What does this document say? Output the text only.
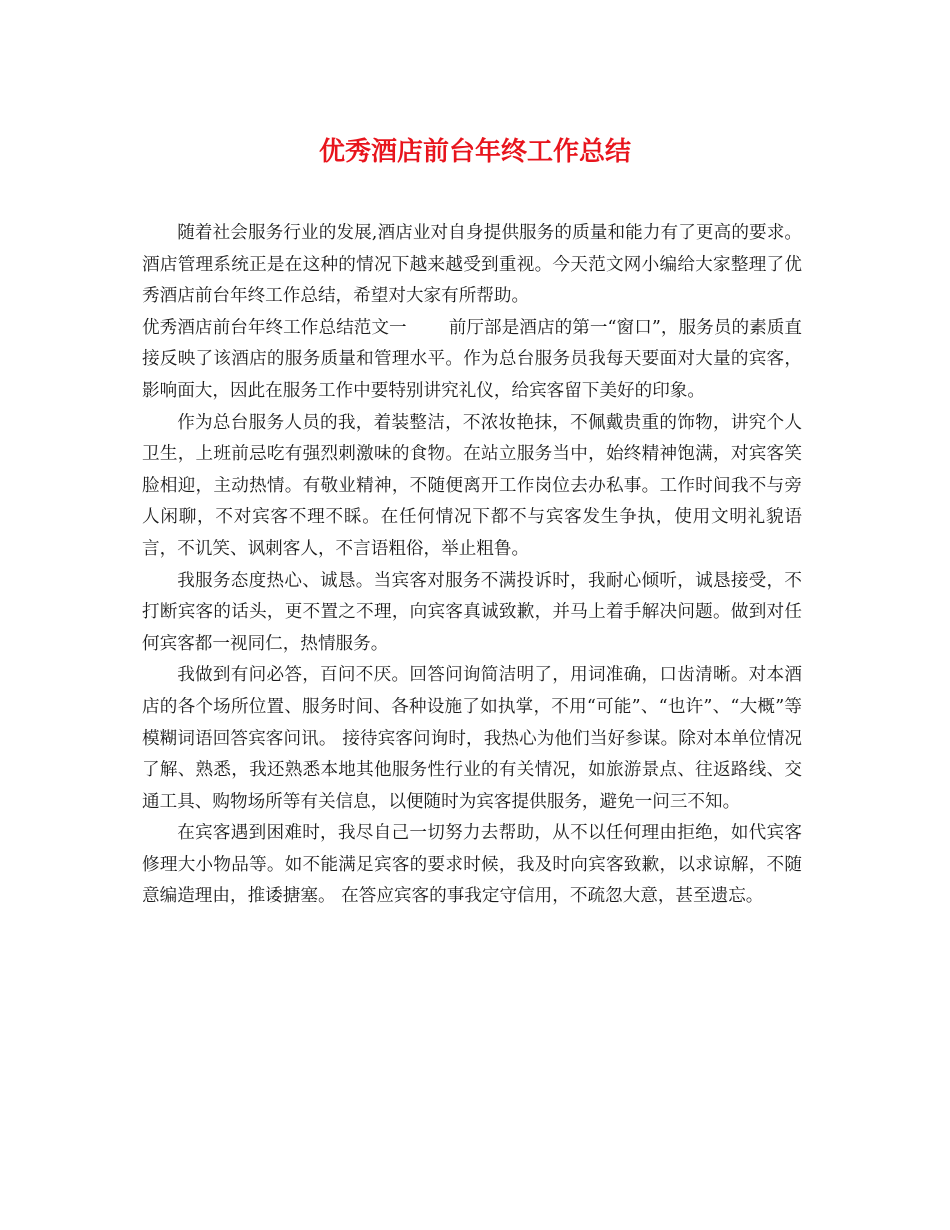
优秀酒店前台年终工作总结

随着社会服务行业的发展,酒店业对自身提供服务的质量和能力有了更高的要求。酒店管理系统正是在这种的情况下越来越受到重视。今天范文网小编给大家整理了优秀酒店前台年终工作总结，希望对大家有所帮助。

优秀酒店前台年终工作总结范文一 前厅部是酒店的第一“窗口”，服务员的素质直接反映了该酒店的服务质量和管理水平。作为总台服务员我每天要面对大量的宾客，影响面大，因此在服务工作中要特别讲究礼仪，给宾客留下美好的印象。

作为总台服务人员的我，着装整洁，不浓妆艳抹，不佩戴贵重的饰物，讲究个人卫生，上班前忌吃有强烈刺激味的食物。在站立服务当中，始终精神饱满，对宾客笑脸相迎，主动热情。有敬业精神，不随便离开工作岗位去办私事。工作时间我不与旁人闲聊，不对宾客不理不睬。在任何情况下都不与宾客发生争执，使用文明礼貌语言，不讥笑、讽刺客人，不言语粗俗，举止粗鲁。

我服务态度热心、诚恳。当宾客对服务不满投诉时，我耐心倾听，诚恳接受，不打断宾客的话头，更不置之不理，向宾客真诚致歉，并马上着手解决问题。做到对任何宾客都一视同仁，热情服务。

我做到有问必答，百问不厌。回答问询简洁明了，用词准确，口齿清晰。对本酒店的各个场所位置、服务时间、各种设施了如执掌，不用“可能”、“也许”、“大概”等模糊词语回答宾客问讯。 接待宾客问询时，我热心为他们当好参谋。除对本单位情况了解、熟悉，我还熟悉本地其他服务性行业的有关情况，如旅游景点、往返路线、交通工具、购物场所等有关信息，以便随时为宾客提供服务，避免一问三不知。

在宾客遇到困难时，我尽自己一切努力去帮助，从不以任何理由拒绝，如代宾客修理大小物品等。如不能满足宾客的要求时候，我及时向宾客致歉，以求谅解，不随意编造理由，推诿搪塞。 在答应宾客的事我定守信用，不疏忽大意，甚至遗忘。
